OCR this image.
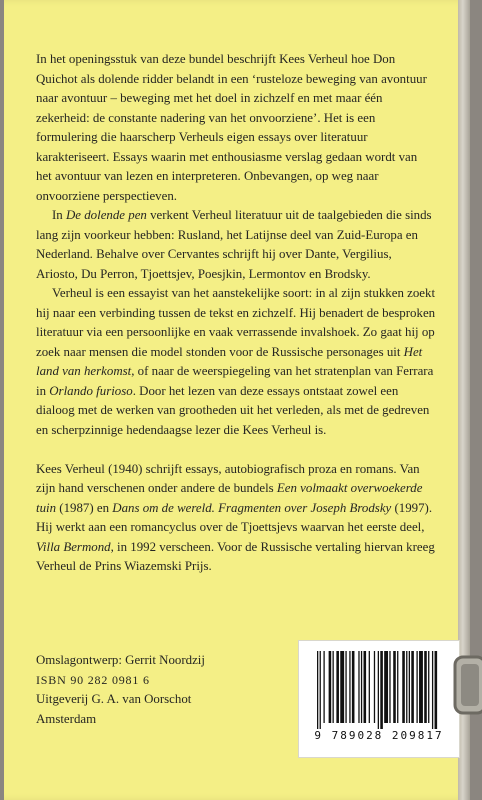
In het openingsstuk van deze bundel beschrijft Kees Verheul hoe Don Quichot als dolende ridder belandt in een ‘rusteloze beweging van avontuur naar avontuur – beweging met het doel in zichzelf en met maar één zekerheid: de constante nadering van het onvoorziene’. Het is een formulering die haarscherp Verheuls eigen essays over literatuur karakteriseert. Essays waarin met enthousiasme verslag gedaan wordt van het avontuur van lezen en interpreteren. Onbevangen, op weg naar onvoorziene perspectieven.

In De dolende pen verkent Verheul literatuur uit de taalgebieden die sinds lang zijn voorkeur hebben: Rusland, het Latijnse deel van Zuid-Europa en Nederland. Behalve over Cervantes schrijft hij over Dante, Vergilius, Ariosto, Du Perron, Tjoettsjev, Poesjkin, Lermontov en Brodsky.

Verheul is een essayist van het aanstekelijke soort: in al zijn stukken zoekt hij naar een verbinding tussen de tekst en zichzelf. Hij benadert de besproken literatuur via een persoonlijke en vaak verrassende invalshoek. Zo gaat hij op zoek naar mensen die model stonden voor de Russische personages uit Het land van herkomst, of naar de weerspiegeling van het stratenplan van Ferrara in Orlando furioso. Door het lezen van deze essays ontstaat zowel een dialoog met de werken van grootheden uit het verleden, als met de gedreven en scherpzinnige hedendaagse lezer die Kees Verheul is.

Kees Verheul (1940) schrijft essays, autobiografisch proza en romans. Van zijn hand verschenen onder andere de bundels Een volmaakt overwoekerde tuin (1987) en Dans om de wereld. Fragmenten over Joseph Brodsky (1997). Hij werkt aan een romancyclus over de Tjoettsjevs waarvan het eerste deel, Villa Bermond, in 1992 verscheen. Voor de Russische vertaling hiervan kreeg Verheul de Prins Wiazemski Prijs.

Omslagontwerp: Gerrit Noordzij
ISBN 90 282 0981 6
Uitgeverij G. A. van Oorschot
Amsterdam
9 789028 209817
